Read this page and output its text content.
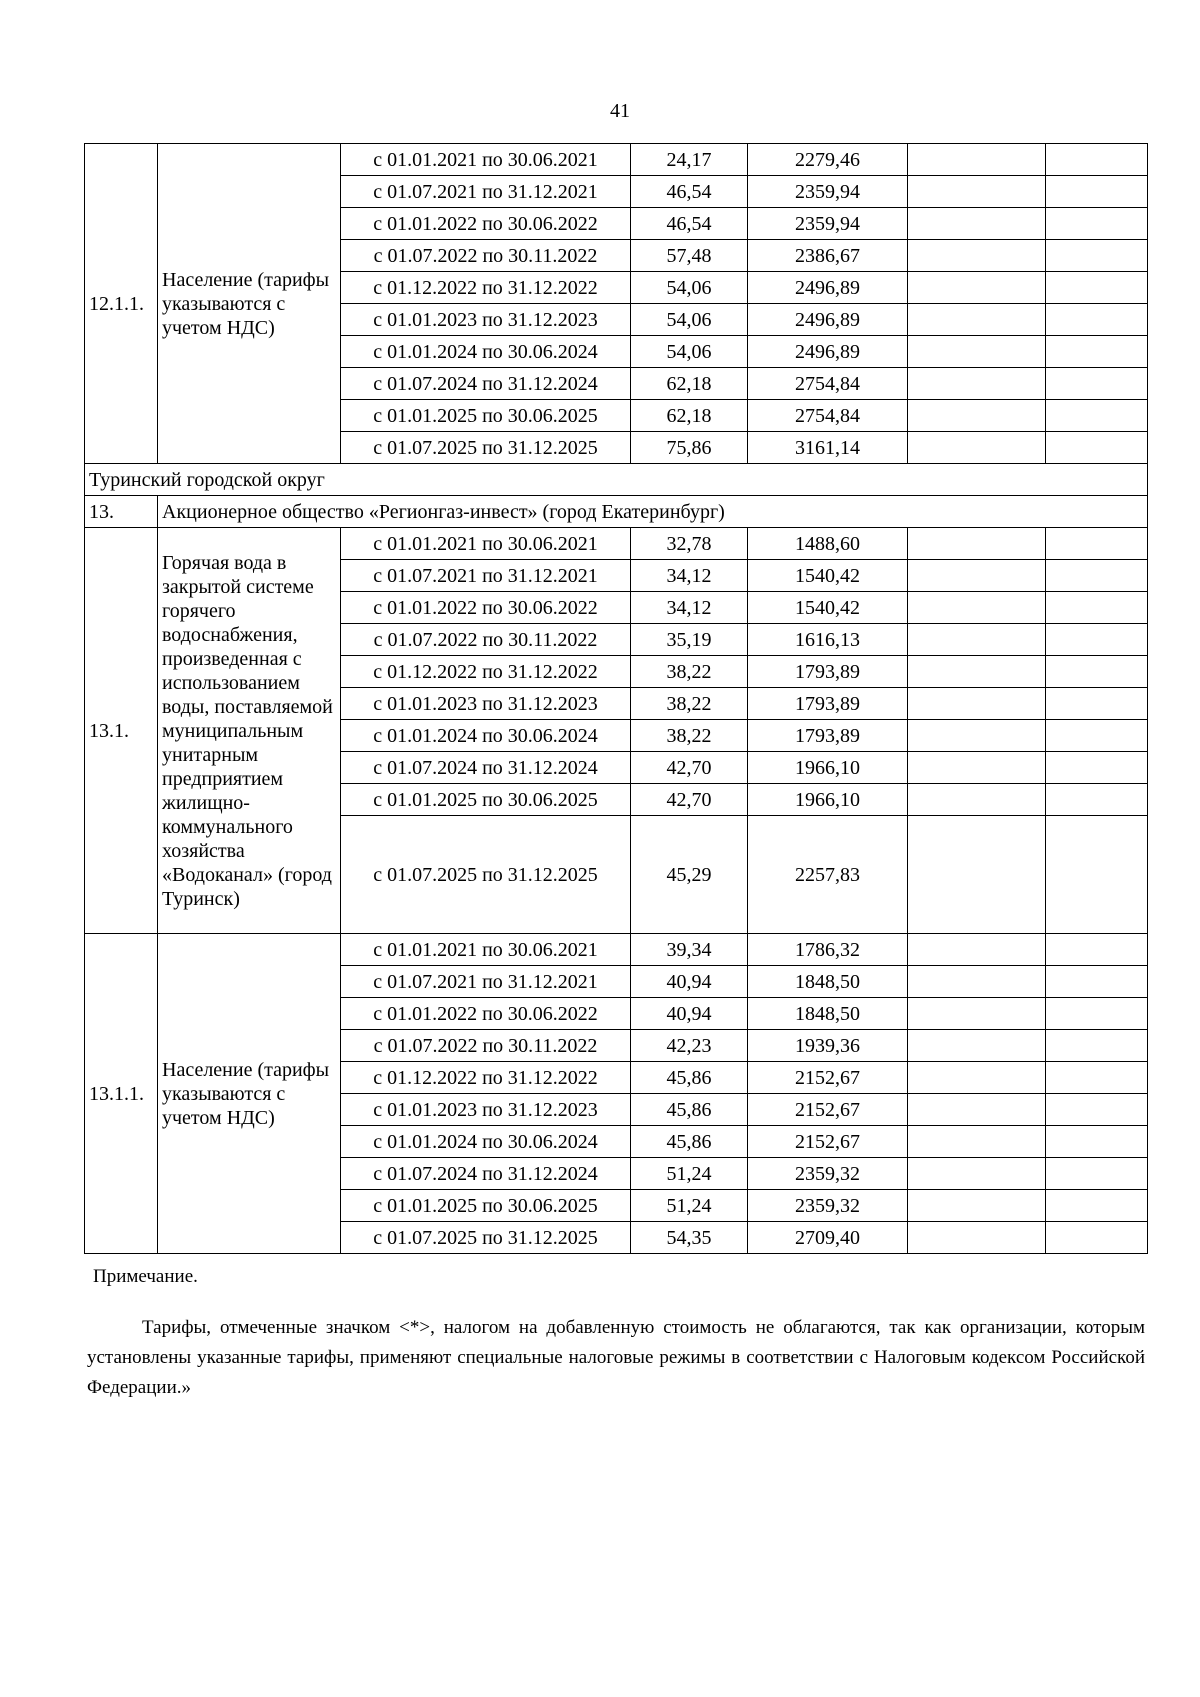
41
12.1.1.	Население (тарифы указываются с учетом НДС)	с 01.01.2021 по 30.06.2021	24,17	2279,46		
		с 01.07.2021 по 31.12.2021	46,54	2359,94		
		с 01.01.2022 по 30.06.2022	46,54	2359,94		
		с 01.07.2022 по 30.11.2022	57,48	2386,67		
		с 01.12.2022 по 31.12.2022	54,06	2496,89		
		с 01.01.2023 по 31.12.2023	54,06	2496,89		
		с 01.01.2024 по 30.06.2024	54,06	2496,89		
		с 01.07.2024 по 31.12.2024	62,18	2754,84		
		с 01.01.2025 по 30.06.2025	62,18	2754,84		
		с 01.07.2025 по 31.12.2025	75,86	3161,14		
Туринский городской округ						
13.	Акционерное общество «Регионгаз-инвест» (город Екатеринбург)					
13.1.	Горячая вода в закрытой системе горячего водоснабжения, произведенная с использованием воды, поставляемой муниципальным унитарным предприятием жилищно-коммунального хозяйства «Водоканал» (город Туринск)	с 01.01.2021 по 30.06.2021	32,78	1488,60		
		с 01.07.2021 по 31.12.2021	34,12	1540,42		
		с 01.01.2022 по 30.06.2022	34,12	1540,42		
		с 01.07.2022 по 30.11.2022	35,19	1616,13		
		с 01.12.2022 по 31.12.2022	38,22	1793,89		
		с 01.01.2023 по 31.12.2023	38,22	1793,89		
		с 01.01.2024 по 30.06.2024	38,22	1793,89		
		с 01.07.2024 по 31.12.2024	42,70	1966,10		
		с 01.01.2025 по 30.06.2025	42,70	1966,10		
		с 01.07.2025 по 31.12.2025	45,29	2257,83		
13.1.1.	Население (тарифы указываются с учетом НДС)	с 01.01.2021 по 30.06.2021	39,34	1786,32		
		с 01.07.2021 по 31.12.2021	40,94	1848,50		
		с 01.01.2022 по 30.06.2022	40,94	1848,50		
		с 01.07.2022 по 30.11.2022	42,23	1939,36		
		с 01.12.2022 по 31.12.2022	45,86	2152,67		
		с 01.01.2023 по 31.12.2023	45,86	2152,67		
		с 01.01.2024 по 30.06.2024	45,86	2152,67		
		с 01.07.2024 по 31.12.2024	51,24	2359,32		
		с 01.01.2025 по 30.06.2025	51,24	2359,32		
		с 01.07.2025 по 31.12.2025	54,35	2709,40		
Примечание.

Тарифы, отмеченные значком <*>, налогом на добавленную стоимость не облагаются, так как организации, которым установлены указанные тарифы, применяют специальные налоговые режимы в соответствии с Налоговым кодексом Российской Федерации.»
